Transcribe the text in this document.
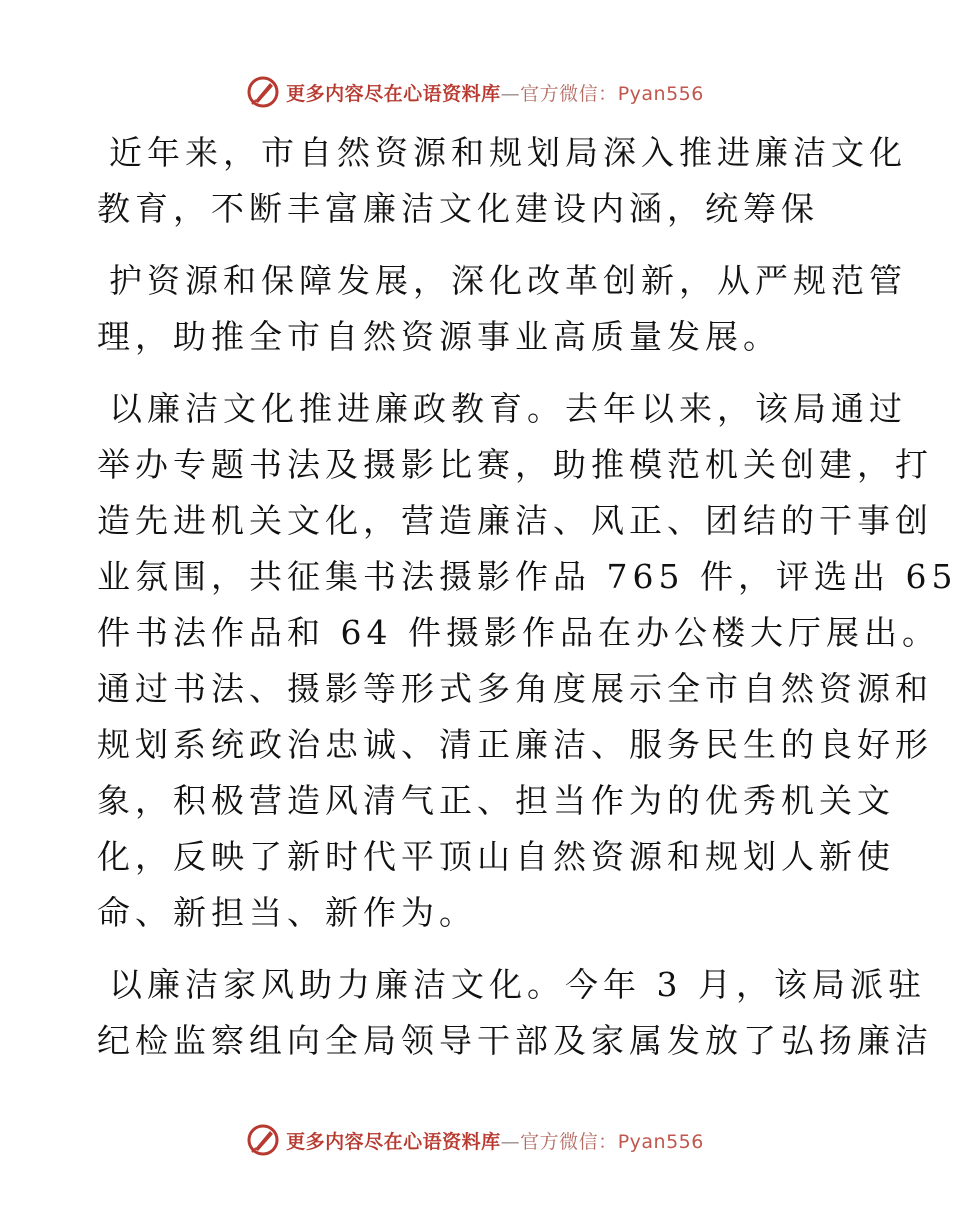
更多内容尽在心语资料库—官方微信：Pyan556
近年来，市自然资源和规划局深入推进廉洁文化
教育，不断丰富廉洁文化建设内涵，统筹保
护资源和保障发展，深化改革创新，从严规范管
理，助推全市自然资源事业高质量发展。
以廉洁文化推进廉政教育。去年以来，该局通过
举办专题书法及摄影比赛，助推模范机关创建，打
造先进机关文化，营造廉洁、风正、团结的干事创
业氛围，共征集书法摄影作品 765 件，评选出 65
件书法作品和 64 件摄影作品在办公楼大厅展出。
通过书法、摄影等形式多角度展示全市自然资源和
规划系统政治忠诚、清正廉洁、服务民生的良好形
象，积极营造风清气正、担当作为的优秀机关文
化，反映了新时代平顶山自然资源和规划人新使
命、新担当、新作为。
以廉洁家风助力廉洁文化。今年 3 月，该局派驻
纪检监察组向全局领导干部及家属发放了弘扬廉洁
更多内容尽在心语资料库—官方微信：Pyan556
